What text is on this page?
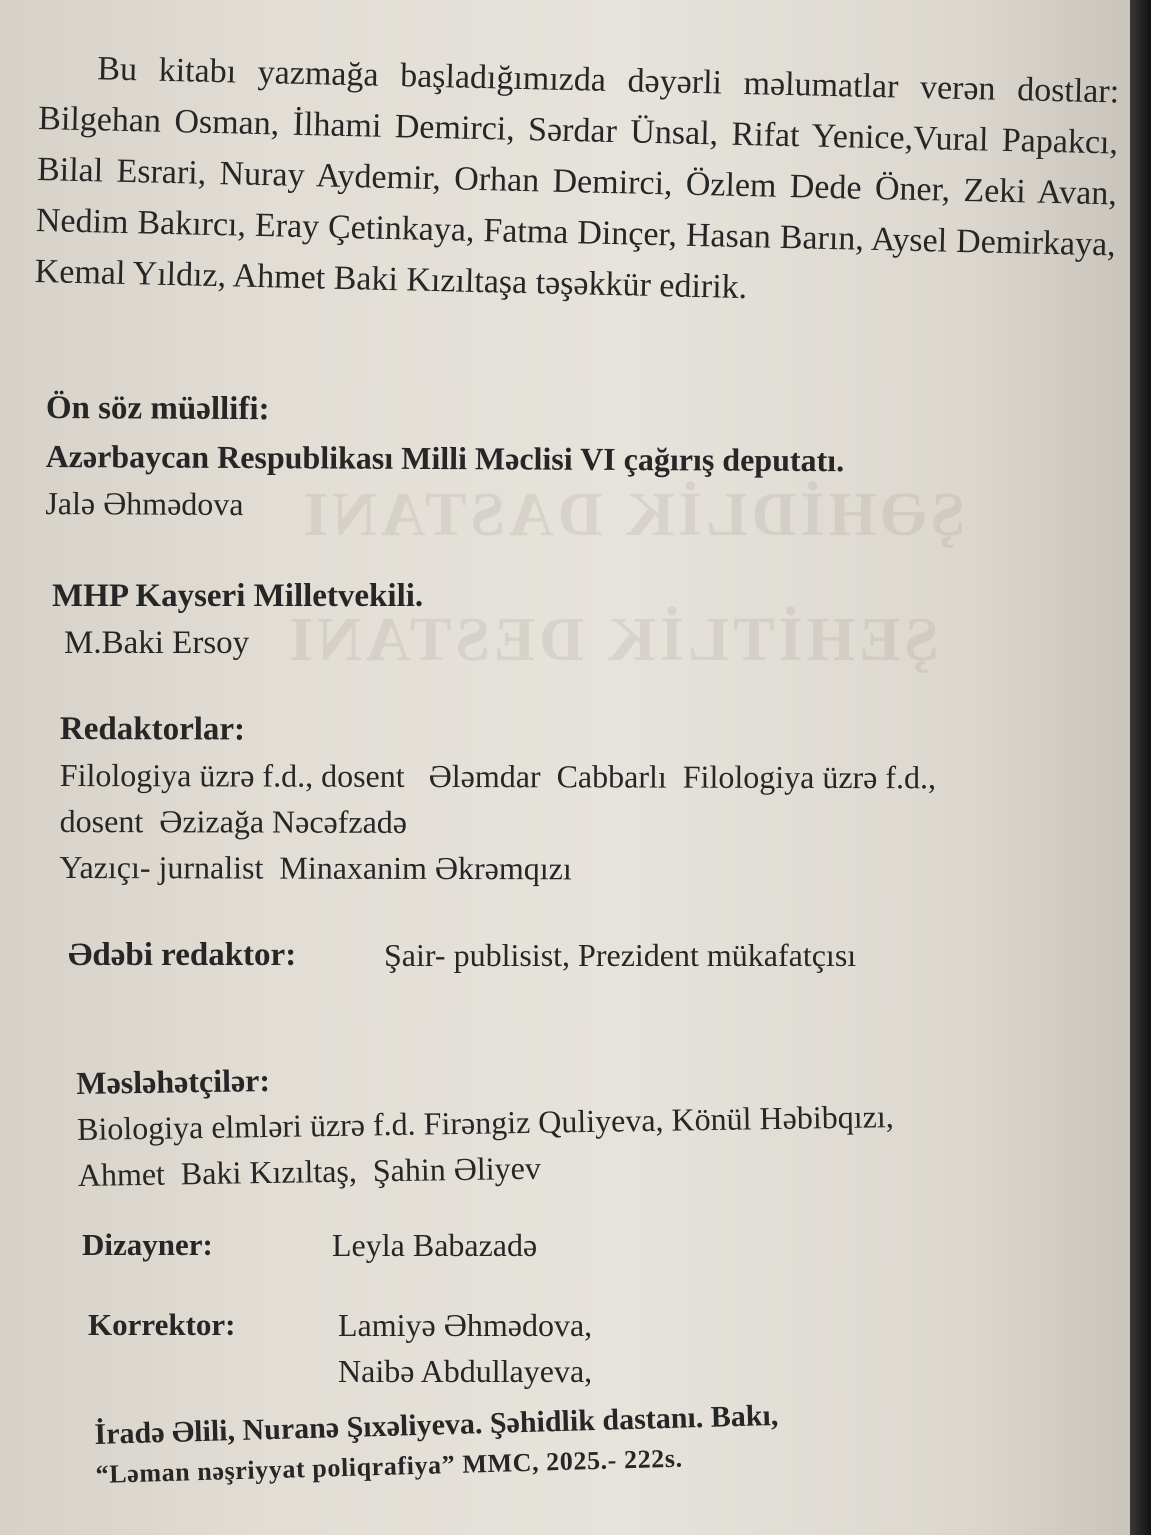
ŞƏHİDLİK DASTANI
ŞEHİTLİK DESTANI

Bu kitabı yazmağa başladığımızda dəyərli məlumatlar verən dostlar: Bilgehan Osman, İlhami Demirci, Sərdar Ünsal, Rifat Yenice,Vural Papakcı, Bilal Esrari, Nuray Aydemir, Orhan Demirci, Özlem Dede Öner, Zeki Avan, Nedim Bakırcı, Eray Çetinkaya, Fatma Dinçer, Hasan Barın, Aysel Demirkaya, Kemal Yıldız, Ahmet Baki Kızıltaşa təşəkkür edirik.

Ön söz müəllifi:
Azərbaycan Respublikası Milli Məclisi VI çağırış deputatı.
Jalə Əhmədova
MHP Kayseri Milletvekili.
M.Baki Ersoy
Redaktorlar:
Filologiya üzrə f.d., dosent   Ələmdar  Cabbarlı  Filologiya üzrə f.d.,
dosent  Əzizağa Nəcəfzadə
Yazıçı- jurnalist  Minaxanim Əkrəmqızı
Ədəbi redaktor:	Şair- publisist, Prezident mükafatçısı
Məsləhətçilər:
Biologiya elmləri üzrə f.d. Firəngiz Quliyeva, Könül Həbibqızı,
Ahmet  Baki Kızıltaş,  Şahin Əliyev
Dizayner:	Leyla Babazadə
Korrektor:	Lamiyə Əhmədova,
Naibə Abdullayeva,
İradə Əlili, Nuranə Şıxəliyeva. Şəhidlik dastanı. Bakı,
“Ləman nəşriyyat poliqrafiya” MMC, 2025.- 222s.
